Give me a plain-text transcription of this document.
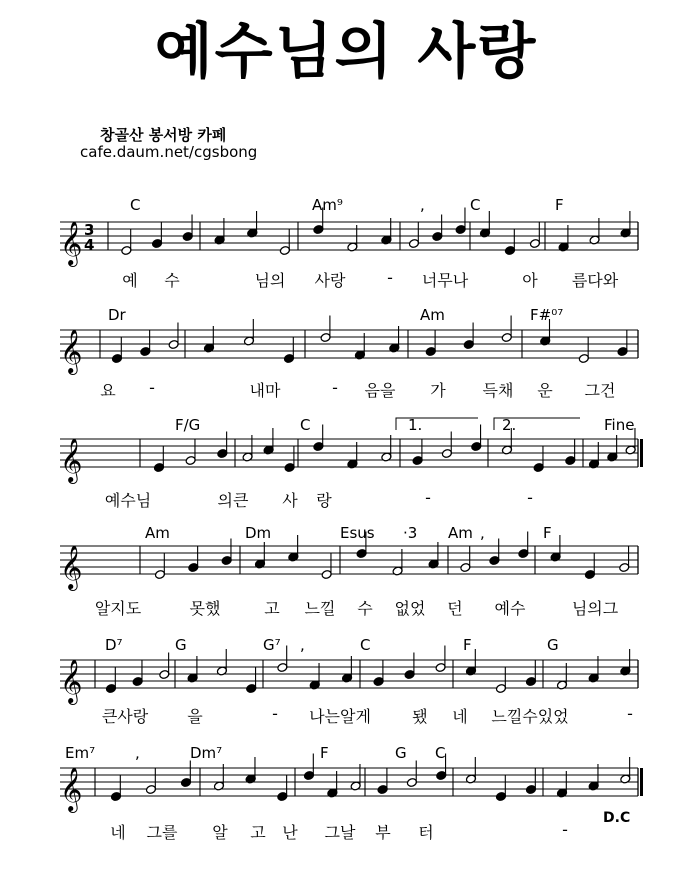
예수님의 사랑
창골산 봉서방 카페
cafe.daum.net/cgsbong
𝄞 3
4
𝄞
𝄞
𝄞
𝄞
𝄞
C	Am⁹	,	C	F
Dr	Am	F#⁰⁷
F/G	C	1.	2.	Fine
Am	Dm	Esus ·3 Am ,	F
D⁷	G	G⁷ ,	C	F	G
Em⁷	,	Dm⁷	F	G C
예 수	님의 사랑	- 너무나	아 름다와
요 -	내마	- 음을 가 득채 운 그건
예수님	의큰 사 랑	-	-
알지도	못했	고 느낄 수 없었 던 예수	님의그
큰사랑 을	- 나는알게	됐 네 느낄수있었	-
네 그를 알 고 난 그날 부 터	-
D.C
